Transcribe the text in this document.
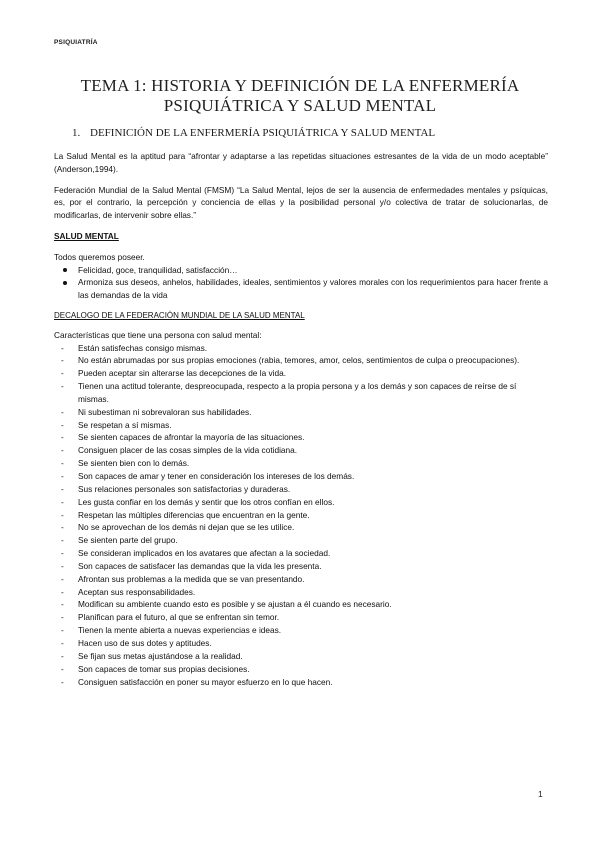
PSIQUIATRÍA
TEMA 1: HISTORIA Y DEFINICIÓN DE LA ENFERMERÍA
PSIQUIÁTRICA Y SALUD MENTAL
1. DEFINICIÓN DE LA ENFERMERÍA PSIQUIÁTRICA Y SALUD MENTAL

La Salud Mental es la aptitud para “afrontar y adaptarse a las repetidas situaciones estresantes de la vida de un modo aceptable” (Anderson,1994).

Federación Mundial de la Salud Mental (FMSM) “La Salud Mental, lejos de ser la ausencia de enfermedades mentales y psíquicas, es, por el contrario, la percepción y conciencia de ellas y la posibilidad personal y/o colectiva de tratar de solucionarlas, de modificarlas, de intervenir sobre ellas.”

SALUD MENTAL

Todos queremos poseer.

Felicidad, goce, tranquilidad, satisfacción…
Armoniza sus deseos, anhelos, habilidades, ideales, sentimientos y valores morales con los requerimientos para hacer frente a las demandas de la vida
DECALOGO DE LA FEDERACIÓN MUNDIAL DE LA SALUD MENTAL

Características que tiene una persona con salud mental:

- Están satisfechas consigo mismas.
- No están abrumadas por sus propias emociones (rabia, temores, amor, celos, sentimientos de culpa o preocupaciones).
- Pueden aceptar sin alterarse las decepciones de la vida.
- Tienen una actitud tolerante, despreocupada, respecto a la propia persona y a los demás y son capaces de reírse de sí mismas.
- Ni subestiman ni sobrevaloran sus habilidades.
- Se respetan a sí mismas.
- Se sienten capaces de afrontar la mayoría de las situaciones.
- Consiguen placer de las cosas simples de la vida cotidiana.
- Se sienten bien con lo demás.
- Son capaces de amar y tener en consideración los intereses de los demás.
- Sus relaciones personales son satisfactorias y duraderas.
- Les gusta confiar en los demás y sentir que los otros confían en ellos.
- Respetan las múltiples diferencias que encuentran en la gente.
- No se aprovechan de los demás ni dejan que se les utilice.
- Se sienten parte del grupo.
- Se consideran implicados en los avatares que afectan a la sociedad.
- Son capaces de satisfacer las demandas que la vida les presenta.
- Afrontan sus problemas a la medida que se van presentando.
- Aceptan sus responsabilidades.
- Modifican su ambiente cuando esto es posible y se ajustan a él cuando es necesario.
- Planifican para el futuro, al que se enfrentan sin temor.
- Tienen la mente abierta a nuevas experiencias e ideas.
- Hacen uso de sus dotes y aptitudes.
- Se fijan sus metas ajustándose a la realidad.
- Son capaces de tomar sus propias decisiones.
- Consiguen satisfacción en poner su mayor esfuerzo en lo que hacen.
1
